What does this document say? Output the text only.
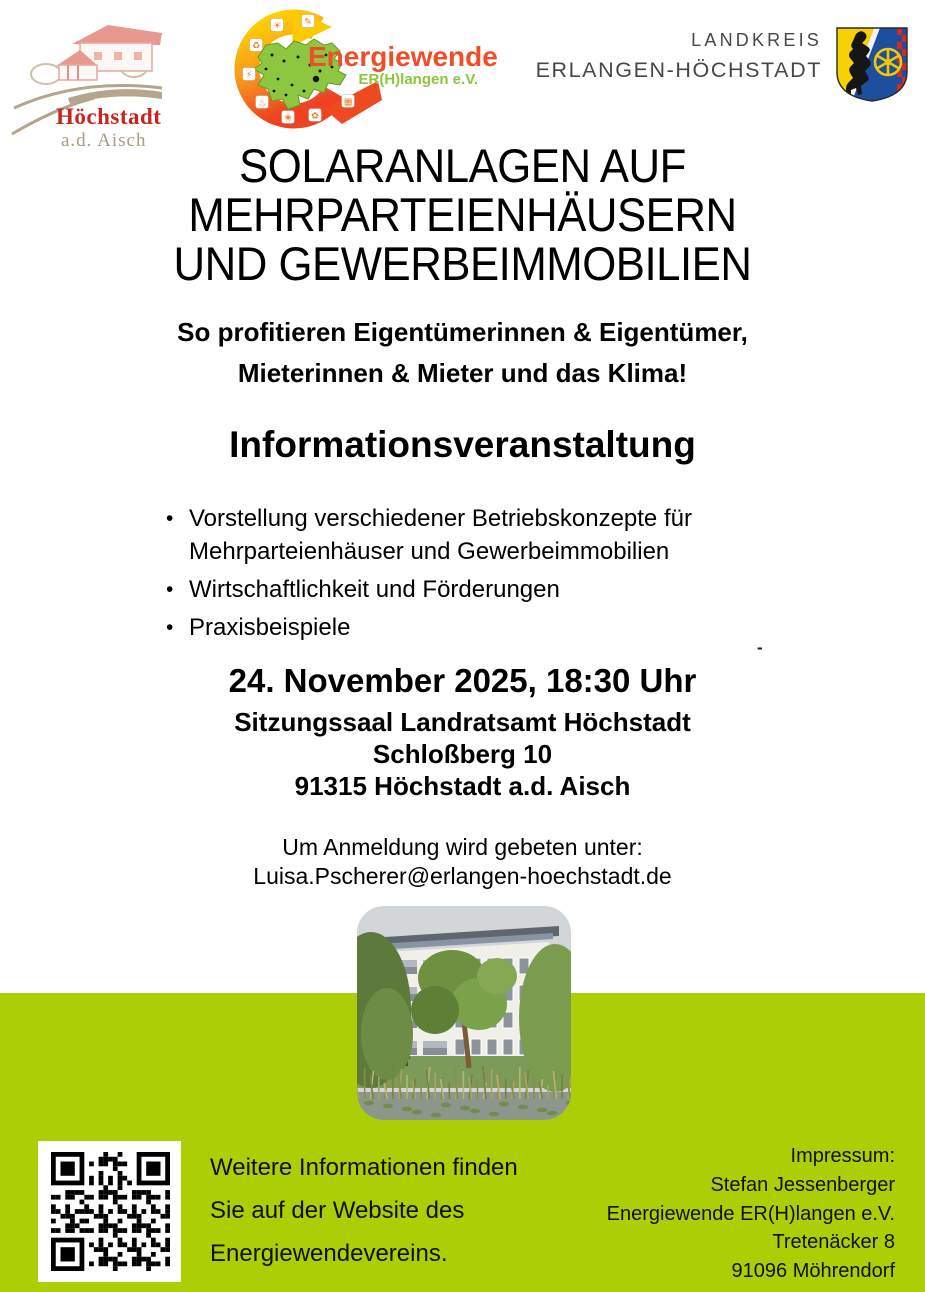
Höchstadt
a.d. Aisch
✎
☀
♻
⚡
♨
❀ ✿
▦
Energiewende
ER(H)langen e.V.
LANDKREIS
ERLANGEN-HÖCHSTADT
SOLARANLAGEN AUF
MEHRPARTEIENHÄUSERN
UND GEWERBEIMMOBILIEN
So profitieren Eigentümerinnen & Eigentümer,
Mieterinnen & Mieter und das Klima!
Informationsveranstaltung
• Vorstellung verschiedener Betriebskonzepte für Mehrparteienhäuser und Gewerbeimmobilien
• Wirtschaftlichkeit und Förderungen
• Praxisbeispiele
-
24. November 2025, 18:30 Uhr
Sitzungssaal Landratsamt Höchstadt
Schloßberg 10
91315 Höchstadt a.d. Aisch
Um Anmeldung wird gebeten unter:
Luisa.Pscherer@erlangen-hoechstadt.de
Weitere Informationen finden
Sie auf der Website des
Energiewendevereins.
Impressum:
Stefan Jessenberger
Energiewende ER(H)langen e.V.
Tretenäcker 8
91096 Möhrendorf
